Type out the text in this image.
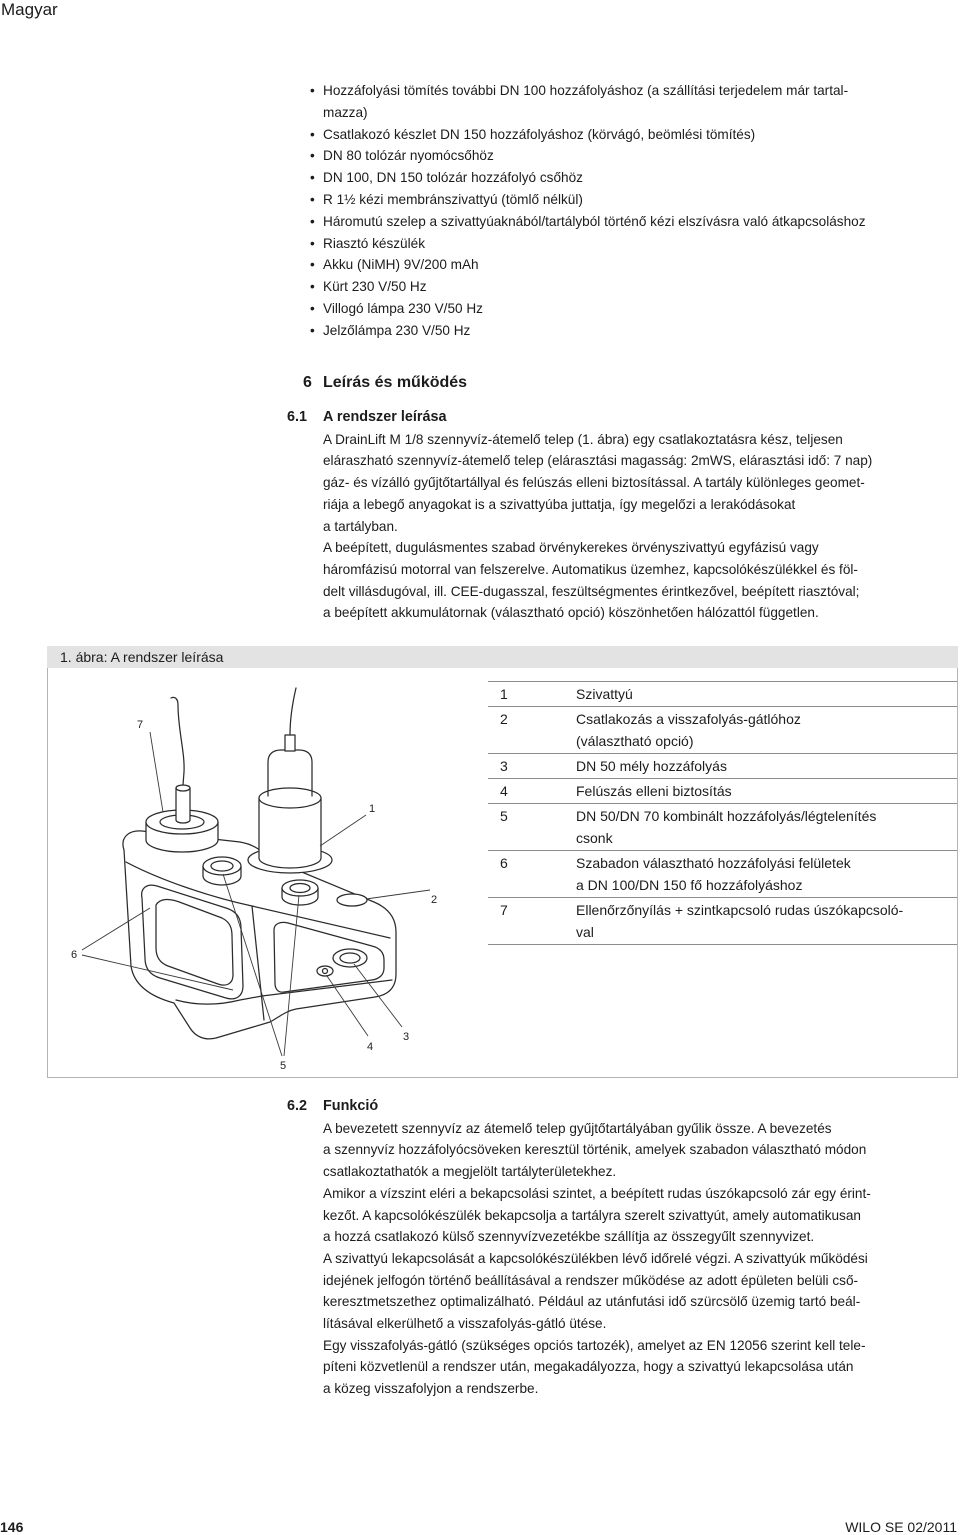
Magyar
• Hozzáfolyási tömítés további DN 100 hozzáfolyáshoz (a szállítási terjedelem már tartal-
mazza)
• Csatlakozó készlet DN 150 hozzáfolyáshoz (körvágó, beömlési tömítés)
• DN 80 tolózár nyomócsőhöz
• DN 100, DN 150 tolózár hozzáfolyó csőhöz
• R 1½ kézi membránszivattyú (tömlő nélkül)
• Háromutú szelep a szivattyúaknából/tartályból történő kézi elszívásra való átkapcsoláshoz
• Riasztó készülék
• Akku (NiMH) 9V/200 mAh
• Kürt 230 V/50 Hz
• Villogó lámpa 230 V/50 Hz
• Jelzőlámpa 230 V/50 Hz
6 Leírás és működés
6.1 A rendszer leírása
A DrainLift M 1/8 szennyvíz-átemelő telep (1. ábra) egy csatlakoztatásra kész, teljesen
eláraszható szennyvíz-átemelő telep (elárasztási magasság: 2mWS, elárasztási idő: 7 nap)
gáz- és vízálló gyűjtőtartállyal és felúszás elleni biztosítással. A tartály különleges geomet-
riája a lebegő anyagokat is a szivattyúba juttatja, így megelőzi a lerakódásokat
a tartályban.
A beépített, dugulásmentes szabad örvénykerekes örvényszivattyú egyfázisú vagy
háromfázisú motorral van felszerelve. Automatikus üzemhez, kapcsolókészülékkel és föl-
delt villásdugóval, ill. CEE-dugasszal, feszültségmentes érintkezővel, beépített riasztóval;
a beépített akkumulátornak (választható opció) köszönhetően hálózattól független.
1. ábra: A rendszer leírása
7
1
2
6
5
4
3
1	Szivattyú
2	Csatlakozás a visszafolyás-gátlóhoz
(választható opció)
3	DN 50 mély hozzáfolyás
4	Felúszás elleni biztosítás
5	DN 50/DN 70 kombinált hozzáfolyás/légtelenítés
csonk
6	Szabadon választható hozzáfolyási felületek
a DN 100/DN 150 fő hozzáfolyáshoz
7	Ellenőrzőnyílás + szintkapcsoló rudas úszókapcsoló-
val
6.2 Funkció
A bevezetett szennyvíz az átemelő telep gyűjtőtartályában gyűlik össze. A bevezetés
a szennyvíz hozzáfolyócsöveken keresztül történik, amelyek szabadon választható módon
csatlakoztathatók a megjelölt tartályterületekhez.
Amikor a vízszint eléri a bekapcsolási szintet, a beépített rudas úszókapcsoló zár egy érint-
kezőt. A kapcsolókészülék bekapcsolja a tartályra szerelt szivattyút, amely automatikusan
a hozzá csatlakozó külső szennyvízvezetékbe szállítja az összegyűlt szennyvizet.
A szivattyú lekapcsolását a kapcsolókészülékben lévő időrelé végzi. A szivattyúk működési
idejének jelfogón történő beállításával a rendszer működése az adott épületen belüli cső-
keresztmetszethez optimalizálható. Például az utánfutási idő szürcsölő üzemig tartó beál-
lításával elkerülhető a visszafolyás-gátló ütése.
Egy visszafolyás-gátló (szükséges opciós tartozék), amelyet az EN 12056 szerint kell tele-
píteni közvetlenül a rendszer után, megakadályozza, hogy a szivattyú lekapcsolása után
a közeg visszafolyjon a rendszerbe.
146	WILO SE 02/2011
